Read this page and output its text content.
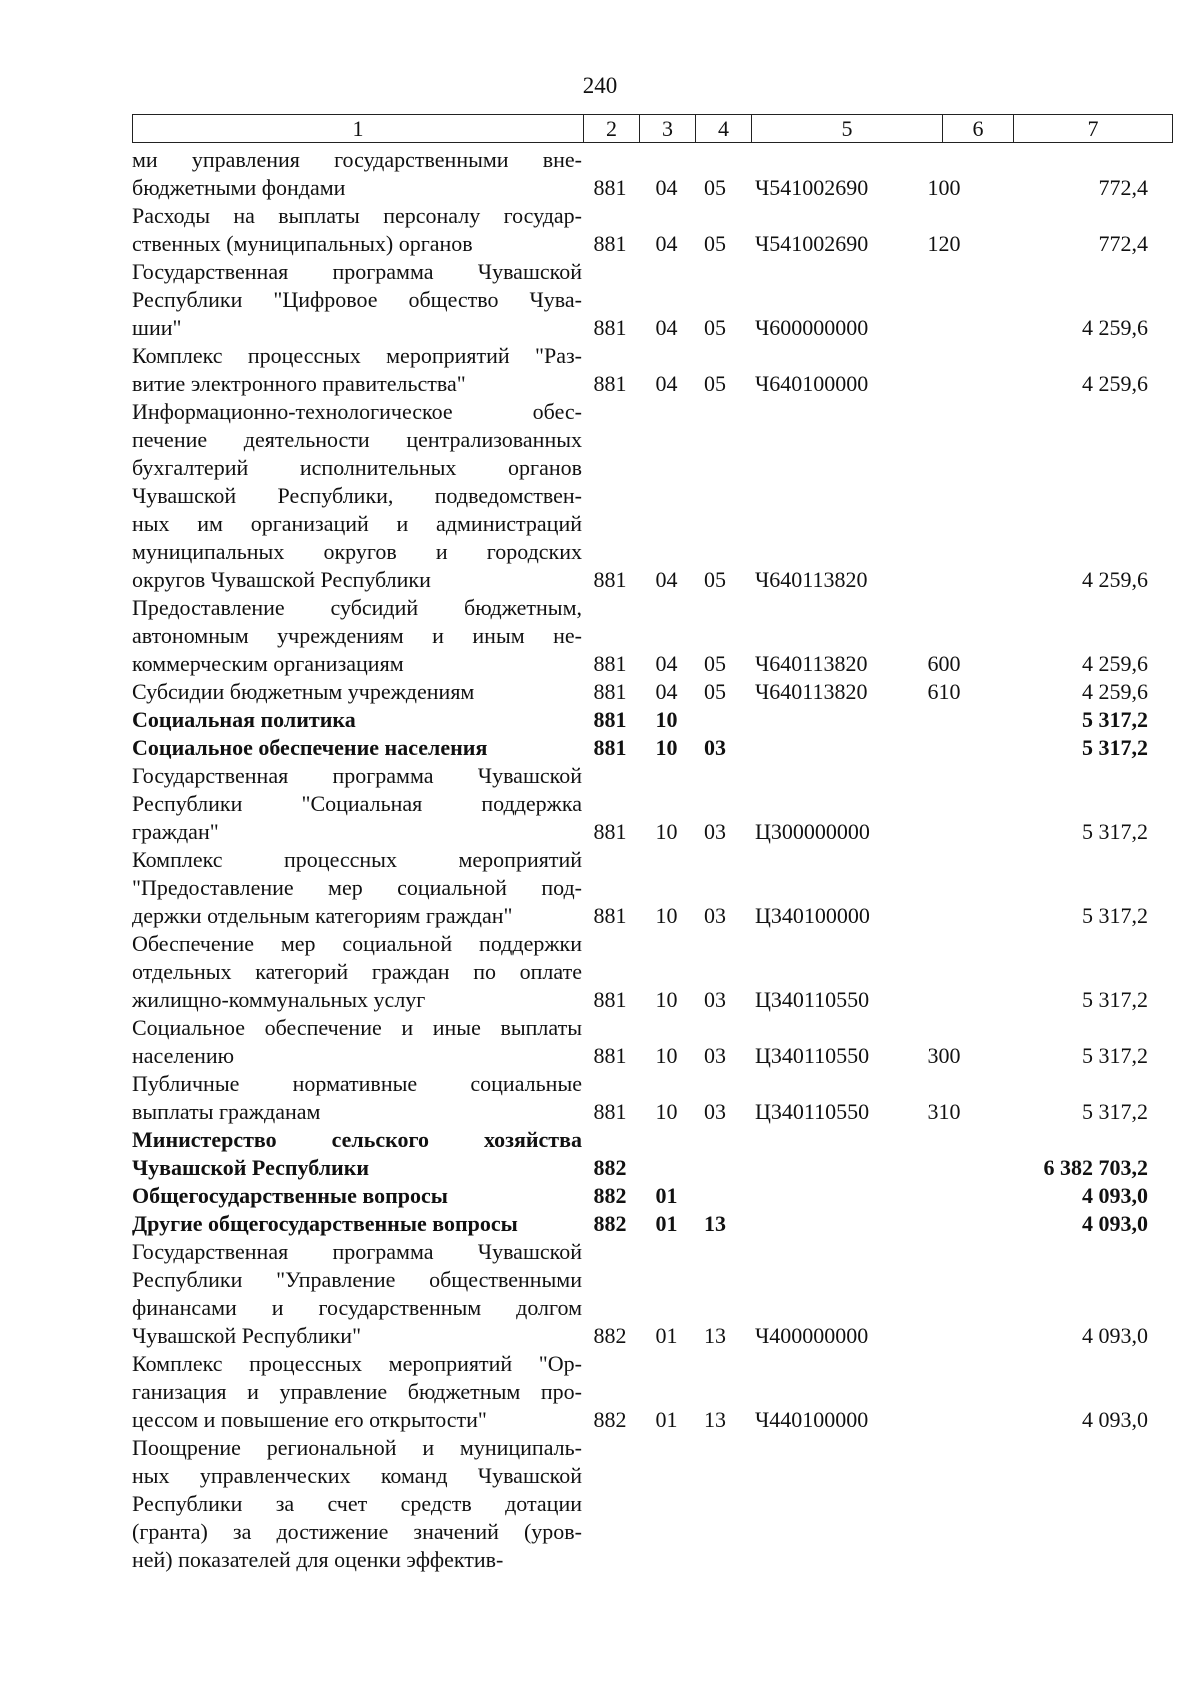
240
1	2	3	4	5	6	7
ми управления государственными вне-
бюджетными фондами	881	04	05	Ч541002690	100	772,4
Расходы на выплаты персоналу государ-
ственных (муниципальных) органов	881	04	05	Ч541002690	120	772,4
Государственная программа Чувашской
Республики "Цифровое общество Чува-
шии"	881	04	05	Ч600000000	4 259,6
Комплекс процессных мероприятий "Раз-
витие электронного правительства"	881	04	05	Ч640100000	4 259,6
Информационно-технологическое обес-
печение деятельности централизованных
бухгалтерий исполнительных органов
Чувашской Республики, подведомствен-
ных им организаций и администраций
муниципальных округов и городских
округов Чувашской Республики	881	04	05	Ч640113820	4 259,6
Предоставление субсидий бюджетным,
автономным учреждениям и иным не-
коммерческим организациям	881	04	05	Ч640113820	600	4 259,6
Субсидии бюджетным учреждениям	881	04	05	Ч640113820	610	4 259,6
Социальная политика	881	10	5 317,2
Социальное обеспечение населения	881	10	03	5 317,2
Государственная программа Чувашской
Республики "Социальная поддержка
граждан"	881	10	03	Ц300000000	5 317,2
Комплекс процессных мероприятий
"Предоставление мер социальной под-
держки отдельным категориям граждан"	881	10	03	Ц340100000	5 317,2
Обеспечение мер социальной поддержки
отдельных категорий граждан по оплате
жилищно-коммунальных услуг	881	10	03	Ц340110550	5 317,2
Социальное обеспечение и иные выплаты
населению	881	10	03	Ц340110550	300	5 317,2
Публичные нормативные социальные
выплаты гражданам	881	10	03	Ц340110550	310	5 317,2
Министерство сельского хозяйства
Чувашской Республики	882	6 382 703,2
Общегосударственные вопросы	882	01	4 093,0
Другие общегосударственные вопросы	882	01	13	4 093,0
Государственная программа Чувашской
Республики "Управление общественными
финансами и государственным долгом
Чувашской Республики"	882	01	13	Ч400000000	4 093,0
Комплекс процессных мероприятий "Ор-
ганизация и управление бюджетным про-
цессом и повышение его открытости"	882	01	13	Ч440100000	4 093,0
Поощрение региональной и муниципаль-
ных управленческих команд Чувашской
Республики за счет средств дотации
(гранта) за достижение значений (уров-
ней) показателей для оценки эффектив-
